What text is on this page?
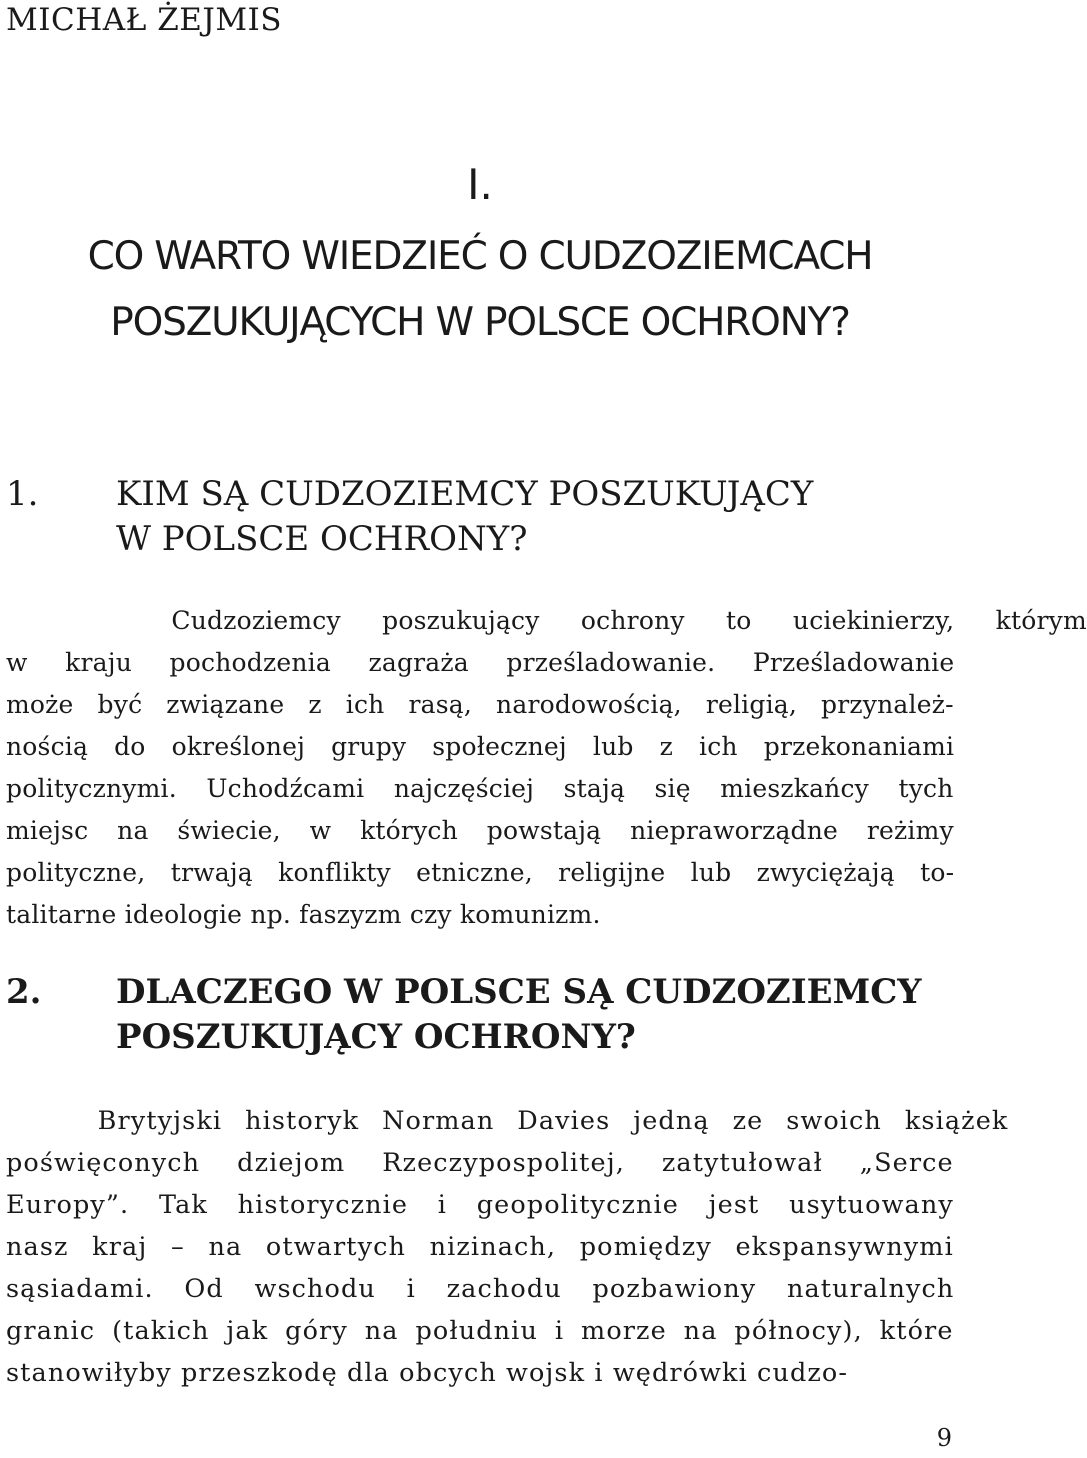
MICHAŁ ŻEJMIS
I.
CO WARTO WIEDZIEĆ O CUDZOZIEMCACH
POSZUKUJĄCYCH W POLSCE OCHRONY?
1. KIM SĄ CUDZOZIEMCY POSZUKUJĄCY
W POLSCE OCHRONY?
Cudzoziemcy poszukujący ochrony to uciekinierzy, którym
w kraju pochodzenia zagraża prześladowanie. Prześladowanie
może być związane z ich rasą, narodowością, religią, przynależ-
nością do określonej grupy społecznej lub z ich przekonaniami
politycznymi. Uchodźcami najczęściej stają się mieszkańcy tych
miejsc na świecie, w których powstają niepraworządne reżimy
polityczne, trwają konflikty etniczne, religijne lub zwyciężają to-
talitarne ideologie np. faszyzm czy komunizm.
2. DLACZEGO W POLSCE SĄ CUDZOZIEMCY
POSZUKUJĄCY OCHRONY?
Brytyjski historyk Norman Davies jedną ze swoich książek
poświęconych dziejom Rzeczypospolitej, zatytułował „Serce
Europy”. Tak historycznie i geopolitycznie jest usytuowany
nasz kraj – na otwartych nizinach, pomiędzy ekspansywnymi
sąsiadami. Od wschodu i zachodu pozbawiony naturalnych
granic (takich jak góry na południu i morze na północy), które
stanowiłyby przeszkodę dla obcych wojsk i wędrówki cudzo-
9
